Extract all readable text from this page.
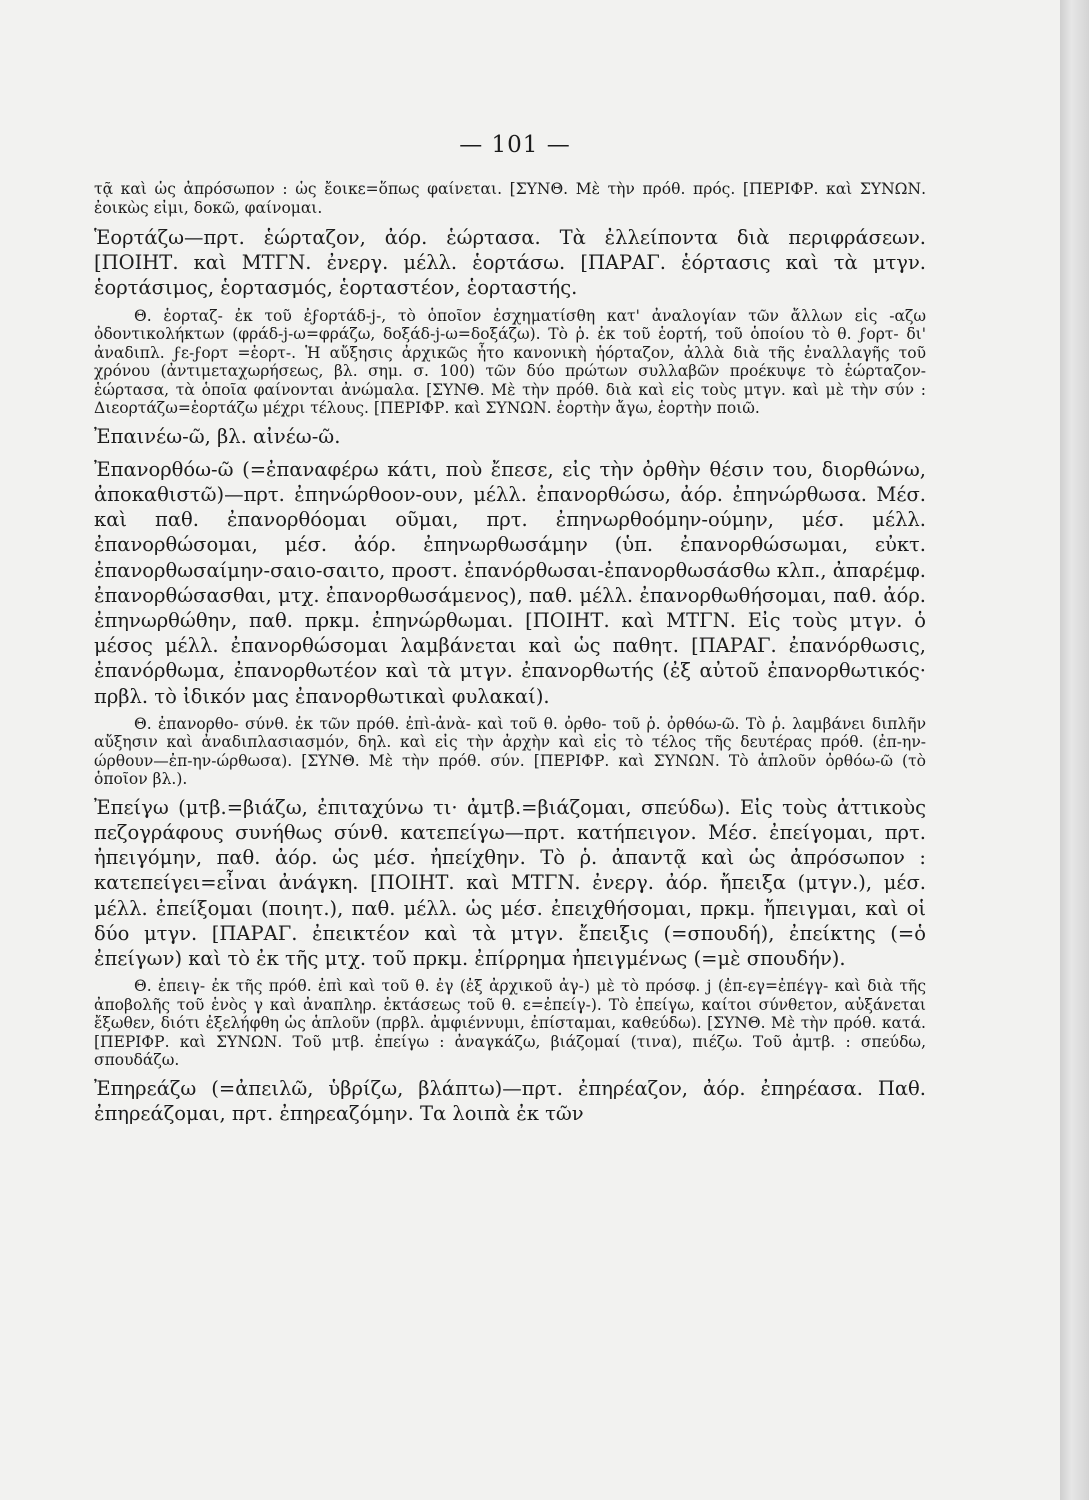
— 101 —
τᾷ καὶ ὡς ἀπρόσωπον : ὡς ἔοικε=ὅπως φαίνεται. [ΣΥΝΘ. Μὲ τὴν πρόθ. πρός. [ΠΕΡΙΦΡ. καὶ ΣΥΝΩΝ. ἐοικὼς εἰμι, δοκῶ, φαίνομαι.
Ἑορτάζω—πρτ. ἑώρταζον, ἀόρ. ἑώρτασα. Τὰ ἐλλείποντα διὰ περιφράσεων. [ΠΟΙΗΤ. καὶ ΜΤΓΝ. ἐνεργ. μέλλ. ἑορτάσω. [ΠΑΡΑΓ. ἑόρτασις καὶ τὰ μτγν. ἑορτάσιμος, ἑορτασμός, ἑορταστέον, ἑορταστής.
Θ. ἑορταζ- ἐκ τοῦ ἐϝορτάδ-j-, τὸ ὁποῖον ἐσχηματίσθη κατ' ἀναλογίαν τῶν ἄλλων εἰς -αζω ὀδοντικολήκτων (φράδ-j-ω=φράζω, δοξάδ-j-ω=δοξάζω). Τὸ ῥ. ἐκ τοῦ ἑορτή, τοῦ ὁποίου τὸ θ. ϝορτ- δι' ἀναδιπλ. ϝε-ϝορτ =ἑορτ-. Ἡ αὔξησις ἀρχικῶς ἦτο κανονικὴ ἡόρταζον, ἀλλὰ διὰ τῆς ἐναλλαγῆς τοῦ χρόνου (ἀντιμεταχωρήσεως, βλ. σημ. σ. 100) τῶν δύο πρώτων συλλαβῶν προέκυψε τὸ ἑώρταζον-ἑώρτασα, τὰ ὁποῖα φαίνονται ἀνώμαλα. [ΣΥΝΘ. Μὲ τὴν πρόθ. διὰ καὶ εἰς τοὺς μτγν. καὶ μὲ τὴν σύν : Διεορτάζω=ἑορτάζω μέχρι τέλους. [ΠΕΡΙΦΡ. καὶ ΣΥΝΩΝ. ἑορτὴν ἄγω, ἑορτὴν ποιῶ.
Ἐπαινέω-ῶ, βλ. αἰνέω-ῶ.
Ἐπανορθόω-ῶ (=ἐπαναφέρω κάτι, ποὺ ἔπεσε, εἰς τὴν ὀρθὴν θέσιν του, διορθώνω, ἀποκαθιστῶ)—πρτ. ἐπηνώρθοον-ουν, μέλλ. ἐπανορθώσω, ἀόρ. ἐπηνώρθωσα. Μέσ. καὶ παθ. ἐπανορθόομαι οῦμαι, πρτ. ἐπηνωρθοόμην-ούμην, μέσ. μέλλ. ἐπανορθώσομαι, μέσ. ἀόρ. ἐπηνωρθωσάμην (ὑπ. ἐπανορθώσωμαι, εὐκτ. ἐπανορθωσαίμην-σαιο-σαιτο, προστ. ἐπανόρθωσαι-ἐπανορθωσάσθω κλπ., ἀπαρέμφ. ἐπανορθώσασθαι, μτχ. ἐπανορθωσάμενος), παθ. μέλλ. ἐπανορθωθήσομαι, παθ. ἀόρ. ἐπηνωρθώθην, παθ. πρκμ. ἐπηνώρθωμαι. [ΠΟΙΗΤ. καὶ ΜΤΓΝ. Εἰς τοὺς μτγν. ὁ μέσος μέλλ. ἐπανορθώσομαι λαμβάνεται καὶ ὡς παθητ. [ΠΑΡΑΓ. ἐπανόρθωσις, ἐπανόρθωμα, ἐπανορθωτέον καὶ τὰ μτγν. ἐπανορθωτής (ἐξ αὐτοῦ ἐπανορθωτικός· πρβλ. τὸ ἰδικόν μας ἐπανορθωτικαὶ φυλακαί).
Θ. ἐπανορθο- σύνθ. ἐκ τῶν πρόθ. ἐπὶ-ἀνὰ- καὶ τοῦ θ. ὀρθο- τοῦ ῥ. ὀρθόω-ῶ. Τὸ ῥ. λαμβάνει διπλῆν αὔξησιν καὶ ἀναδιπλασιασμόν, δηλ. καὶ εἰς τὴν ἀρχὴν καὶ εἰς τὸ τέλος τῆς δευτέρας πρόθ. (ἐπ-ην-ώρθουν—ἐπ-ην-ώρθωσα). [ΣΥΝΘ. Μὲ τὴν πρόθ. σύν. [ΠΕΡΙΦΡ. καὶ ΣΥΝΩΝ. Τὸ ἁπλοῦν ὀρθόω-ῶ (τὸ ὁποῖον βλ.).
Ἐπείγω (μτβ.=βιάζω, ἐπιταχύνω τι· ἀμτβ.=βιάζομαι, σπεύδω). Εἰς τοὺς ἀττικοὺς πεζογράφους συνήθως σύνθ. κατεπείγω—πρτ. κατήπειγον. Μέσ. ἐπείγομαι, πρτ. ἠπειγόμην, παθ. ἀόρ. ὡς μέσ. ἠπείχθην. Τὸ ῥ. ἀπαντᾷ καὶ ὡς ἀπρόσωπον : κατεπείγει=εἶναι ἀνάγκη. [ΠΟΙΗΤ. καὶ ΜΤΓΝ. ἐνεργ. ἀόρ. ἤπειξα (μτγν.), μέσ. μέλλ. ἐπείξομαι (ποιητ.), παθ. μέλλ. ὡς μέσ. ἐπειχθήσομαι, πρκμ. ἤπειγμαι, καὶ οἱ δύο μτγν. [ΠΑΡΑΓ. ἐπεικτέον καὶ τὰ μτγν. ἔπειξις (=σπουδή), ἐπείκτης (=ὁ ἐπείγων) καὶ τὸ ἐκ τῆς μτχ. τοῦ πρκμ. ἐπίρρημα ἠπειγμένως (=μὲ σπουδήν).
Θ. ἐπειγ- ἐκ τῆς πρόθ. ἐπὶ καὶ τοῦ θ. ἐγ (ἐξ ἀρχικοῦ ἀγ-) μὲ τὸ πρόσφ. j (ἐπ-εγ=ἐπέγγ- καὶ διὰ τῆς ἀποβολῆς τοῦ ἑνὸς γ καὶ ἀναπληρ. ἐκτάσεως τοῦ θ. ε=ἐπείγ-). Τὸ ἐπείγω, καίτοι σύνθετον, αὐξάνεται ἔξωθεν, διότι ἐξελήφθη ὡς ἁπλοῦν (πρβλ. ἀμφιέννυμι, ἐπίσταμαι, καθεύδω). [ΣΥΝΘ. Μὲ τὴν πρόθ. κατά. [ΠΕΡΙΦΡ. καὶ ΣΥΝΩΝ. Τοῦ μτβ. ἐπείγω : ἀναγκάζω, βιάζομαί (τινα), πιέζω. Τοῦ ἀμτβ. : σπεύδω, σπουδάζω.
Ἐπηρεάζω (=ἀπειλῶ, ὑβρίζω, βλάπτω)—πρτ. ἐπηρέαζον, ἀόρ. ἐπηρέασα. Παθ. ἐπηρεάζομαι, πρτ. ἐπηρεαζόμην. Τα λοιπὰ ἐκ τῶν
